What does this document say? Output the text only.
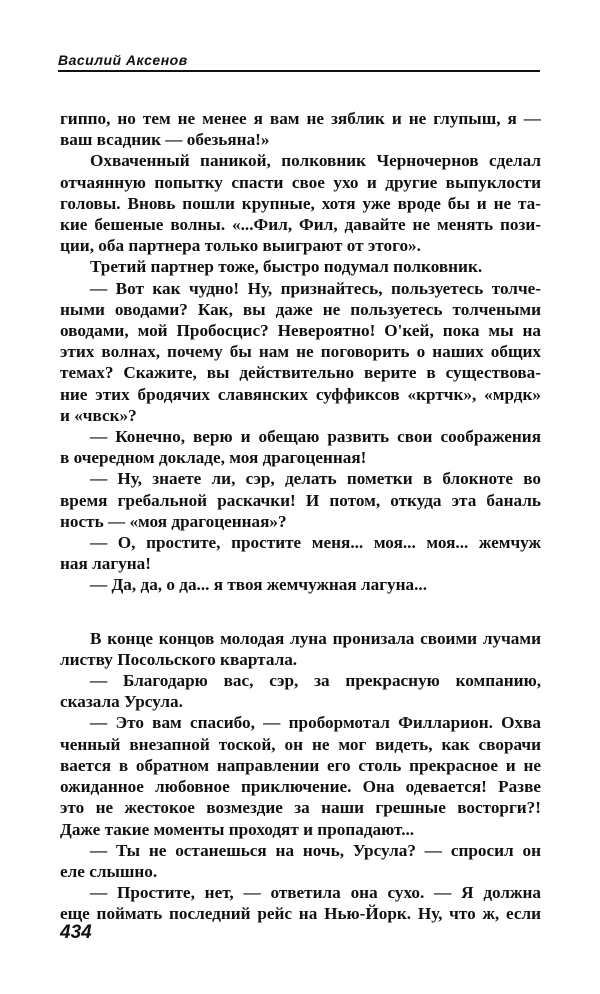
Василий Аксенов
гиппо, но тем не менее я вам не зяблик и не глупыш, я —
ваш всадник — обезьяна!»
Охваченный паникой, полковник Черночернов сделал
отчаянную попытку спасти свое ухо и другие выпуклости
головы. Вновь пошли крупные, хотя уже вроде бы и не та-
кие бешеные волны. «...Фил, Фил, давайте не менять пози-
ции, оба партнера только выиграют от этого».
Третий партнер тоже, быстро подумал полковник.
— Вот как чудно! Ну, признайтесь, пользуетесь толче-
ными оводами? Как, вы даже не пользуетесь толчеными
оводами, мой Пробосцис? Невероятно! О'кей, пока мы на
этих волнах, почему бы нам не поговорить о наших общих
темах? Скажите, вы действительно верите в существова-
ние этих бродячих славянских суффиксов «кртчк», «мрдк»
и «чвск»?
— Конечно, верю и обещаю развить свои соображения
в очередном докладе, моя драгоценная!
— Ну, знаете ли, сэр, делать пометки в блокноте во
время гребальной раскачки! И потом, откуда эта баналь
ность — «моя драгоценная»?
— О, простите, простите меня... моя... моя... жемчуж
ная лагуна!
— Да, да, о да... я твоя жемчужная лагуна...
В конце концов молодая луна пронизала своими лучами
листву Посольского квартала.
— Благодарю вас, сэр, за прекрасную компанию,
сказала Урсула.
— Это вам спасибо, — пробормотал Филларион. Охва
ченный внезапной тоской, он не мог видеть, как сворачи
вается в обратном направлении его столь прекрасное и не
ожиданное любовное приключение. Она одевается! Разве
это не жестокое возмездие за наши грешные восторги?!
Даже такие моменты проходят и пропадают...
— Ты не останешься на ночь, Урсула? — спросил он
еле слышно.
— Простите, нет, — ответила она сухо. — Я должна
еще поймать последний рейс на Нью-Йорк. Ну, что ж, если
434
